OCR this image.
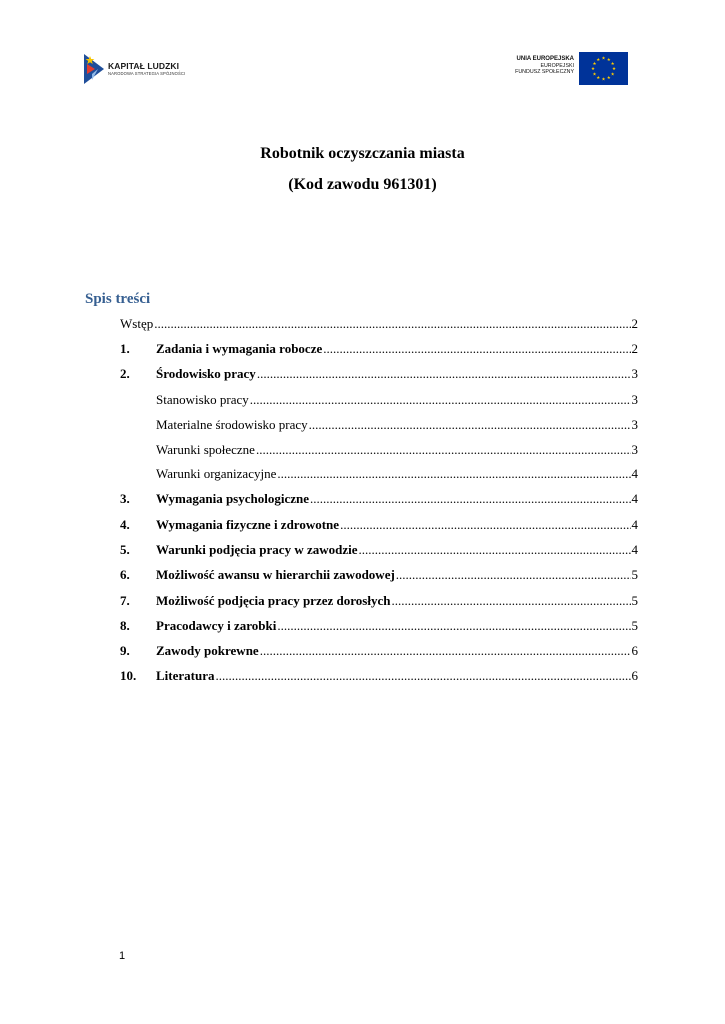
KAPITAŁ LUDZKI
NARODOWA STRATEGIA SPÓJNOŚCI
UNIA EUROPEJSKA
EUROPEJSKI
FUNDUSZ SPOŁECZNY
★ ★
★
★
★
★
★
★
★
★
★
★
Robotnik oczyszczania miasta
(Kod zawodu 961301)
Spis treści
Wstęp .....	2
1.	Zadania i wymagania robocze .....	2
2.	Środowisko pracy .....	3
Stanowisko pracy .....	3
Materialne środowisko pracy .....	3
Warunki społeczne .....	3
Warunki organizacyjne .....	4
3.	Wymagania psychologiczne .....	4
4.	Wymagania fizyczne i zdrowotne .....	4
5.	Warunki podjęcia pracy w zawodzie .....	4
6.	Możliwość awansu w hierarchii zawodowej .....	5
7.	Możliwość podjęcia pracy przez dorosłych .....	5
8.	Pracodawcy i zarobki .....	5
9.	Zawody pokrewne .....	6
10.	Literatura .....	6
1
